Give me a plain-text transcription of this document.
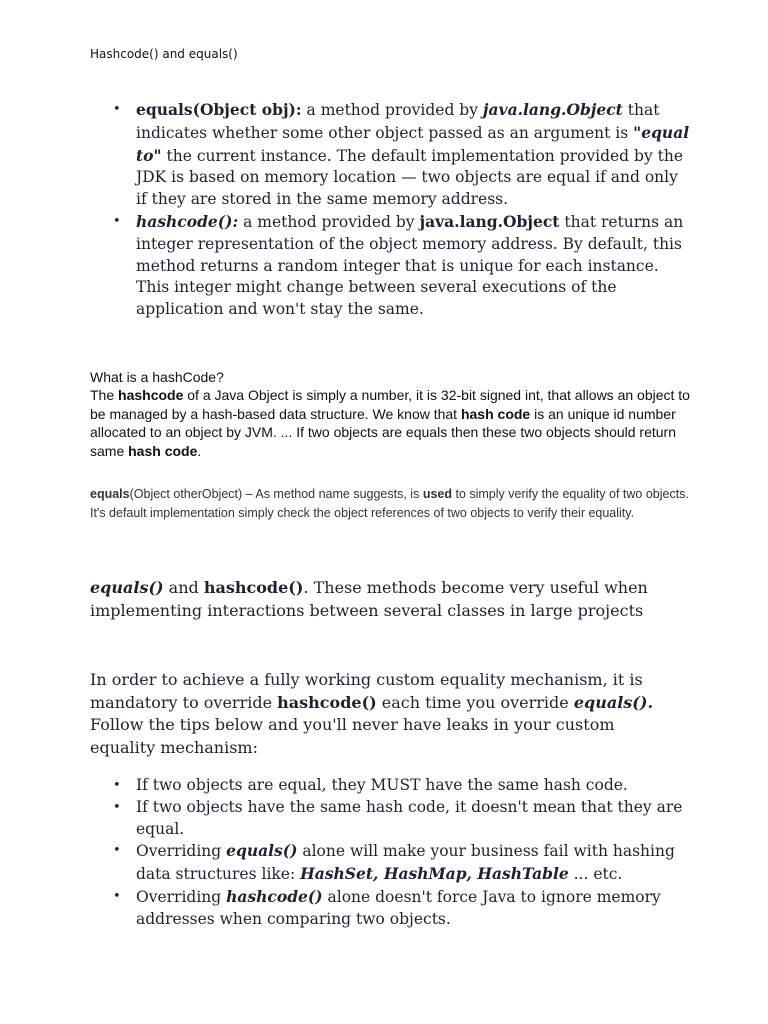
Hashcode() and equals()
• equals(Object obj): a method provided by java.lang.Object that indicates whether some other object passed as an argument is "equal to" the current instance. The default implementation provided by the JDK is based on memory location — two objects are equal if and only if they are stored in the same memory address.
• hashcode(): a method provided by java.lang.Object that returns an integer representation of the object memory address. By default, this method returns a random integer that is unique for each instance. This integer might change between several executions of the application and won't stay the same.
What is a hashCode?
The hashcode of a Java Object is simply a number, it is 32-bit signed int, that allows an object to be managed by a hash-based data structure. We know that hash code is an unique id number allocated to an object by JVM. ... If two objects are equals then these two objects should return same hash code.
equals(Object otherObject) – As method name suggests, is used to simply verify the equality of two objects. It's default implementation simply check the object references of two objects to verify their equality.
equals() and hashcode(). These methods become very useful when implementing interactions between several classes in large projects
In order to achieve a fully working custom equality mechanism, it is mandatory to override hashcode() each time you override equals(). Follow the tips below and you'll never have leaks in your custom equality mechanism:
• If two objects are equal, they MUST have the same hash code.
• If two objects have the same hash code, it doesn't mean that they are equal.
• Overriding equals() alone will make your business fail with hashing data structures like: HashSet, HashMap, HashTable ... etc.
• Overriding hashcode() alone doesn't force Java to ignore memory addresses when comparing two objects.
